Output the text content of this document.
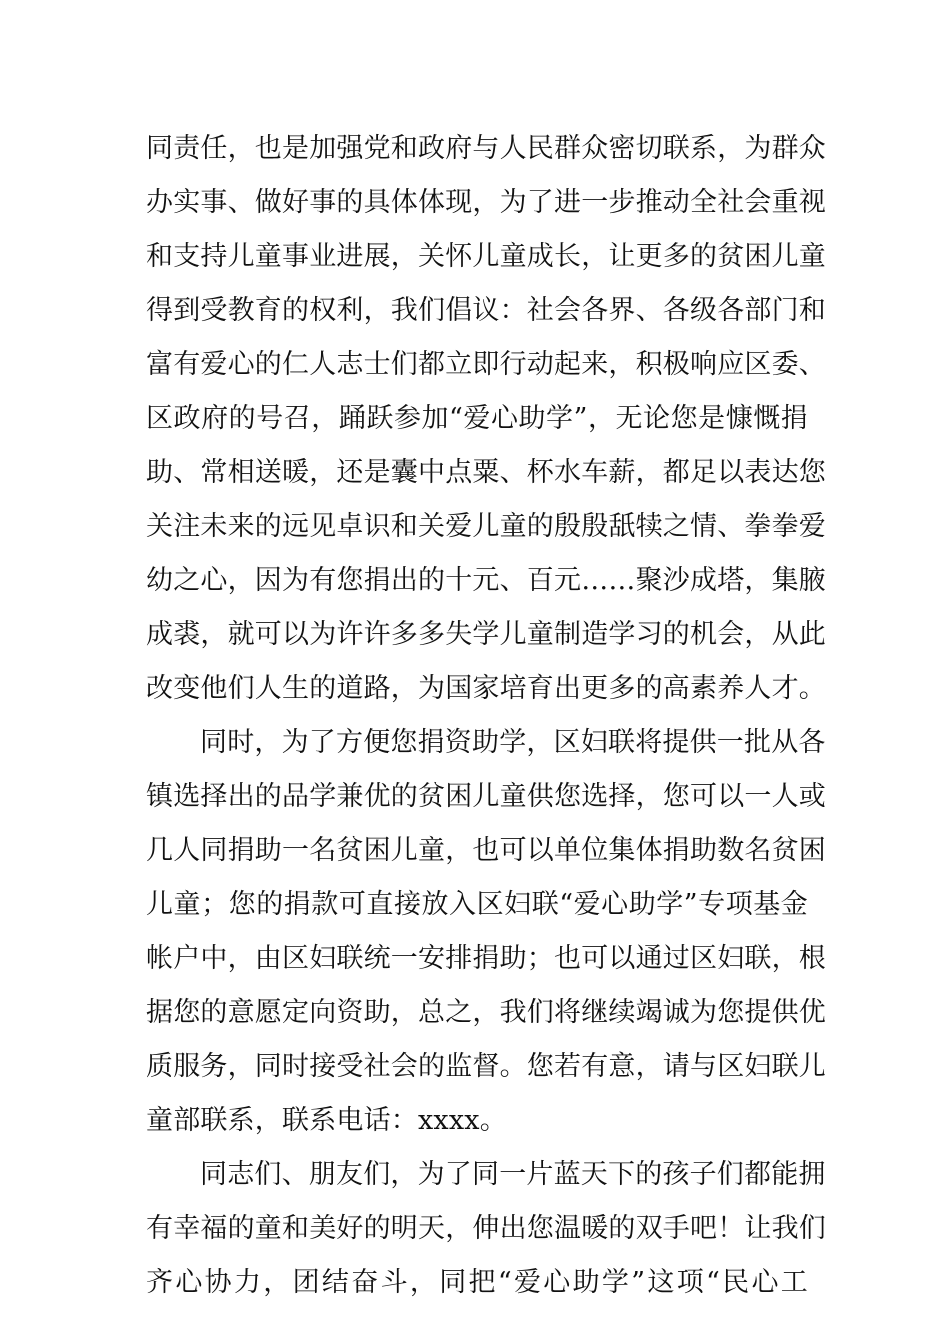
同责任，也是加强党和政府与人民群众密切联系，为群众
办实事、做好事的具体体现，为了进一步推动全社会重视
和支持儿童事业进展，关怀儿童成长，让更多的贫困儿童
得到受教育的权利，我们倡议：社会各界、各级各部门和
富有爱心的仁人志士们都立即行动起来，积极响应区委、
区政府的号召，踊跃参加“爱心助学”，无论您是慷慨捐
助、常相送暖，还是囊中点粟、杯水车薪，都足以表达您
关注未来的远见卓识和关爱儿童的殷殷舐犊之情、拳拳爱
幼之心，因为有您捐出的十元、百元……聚沙成塔，集腋
成裘，就可以为许许多多失学儿童制造学习的机会，从此
改变他们人生的道路，为国家培育出更多的高素养人才。
同时，为了方便您捐资助学，区妇联将提供一批从各
镇选择出的品学兼优的贫困儿童供您选择，您可以一人或
几人同捐助一名贫困儿童，也可以单位集体捐助数名贫困
儿童；您的捐款可直接放入区妇联“爱心助学”专项基金
帐户中，由区妇联统一安排捐助；也可以通过区妇联，根
据您的意愿定向资助，总之，我们将继续竭诚为您提供优
质服务，同时接受社会的监督。您若有意，请与区妇联儿
童部联系，联系电话：xxxx。
同志们、朋友们，为了同一片蓝天下的孩子们都能拥
有幸福的童和美好的明天，伸出您温暖的双手吧！让我们
齐心协力，团结奋斗，同把“爱心助学”这项“民心工
